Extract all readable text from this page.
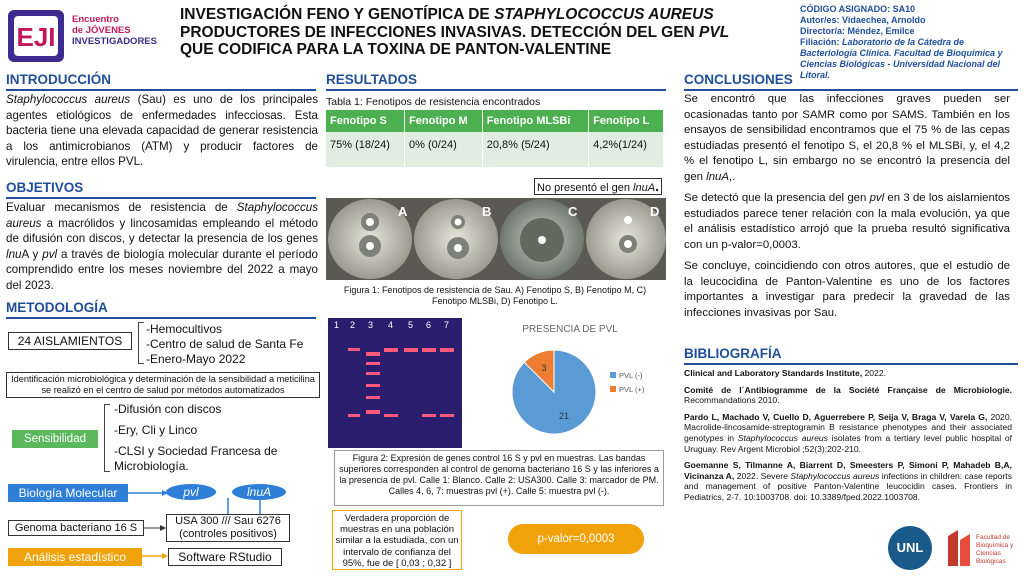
EJI
Encuentro
de JÓVENES
INVESTIGADORES
INVESTIGACIÓN FENO Y GENOTÍPICA DE STAPHYLOCOCCUS AUREUS
PRODUCTORES DE INFECCIONES INVASIVAS. DETECCIÓN DEL GEN PVL
QUE CODIFICA PARA LA TOXINA DE PANTON-VALENTINE
CÓDIGO ASIGNADO: SA10
Autor/es: Vidaechea, Arnoldo
Director/a: Méndez, Emilce
Filiación: Laboratorio de la Cátedra de Bacteriología Clínica. Facultad de Bioquímica y Ciencias Biológicas - Universidad Nacional del Litoral.
INTRODUCCIÓN
Staphylococcus aureus (Sau) es uno de los principales agentes etiológicos de enfermedades infecciosas. Esta bacteria tiene una elevada capacidad de generar resistencia a los antimicrobianos (ATM) y producir factores de virulencia, entre ellos PVL.
OBJETIVOS
Evaluar mecanismos de resistencia de Staphylococcus aureus a macrólidos y lincosamidas empleando el método de difusión con discos, y detectar la presencia de los genes lnuA y pvl a través de biología molecular durante el período comprendido entre los meses noviembre del 2022 a mayo del 2023.
METODOLOGÍA
24 AISLAMIENTOS
-Hemocultivos
-Centro de salud de Santa Fe
-Enero-Mayo 2022
Identificación microbiológica y determinación de la sensibilidad a meticilina se realizó en el centro de salud por métodos automatizados
Sensibilidad
-Difusión con discos
-Ery, Cli y Linco
-CLSI y Sociedad Francesa de Microbiología.
Biología Molecular	pvl	lnuA
Genoma bacteriano 16 S
USA 300 /// Sau 6276 (controles positivos)
Análisis estadístico	Software RStudio
RESULTADOS
Tabla 1: Fenotipos de resistencia encontrados
Fenotipo S	Fenotipo M	Fenotipo MLSBi	Fenotipo L
75% (18/24)	0% (0/24)	20,8% (5/24)	4,2%(1/24)
No presentó el gen lnuA.
A	B	C	D
Figura 1: Fenotipos de resistencia de Sau. A) Fenotipo S, B) Fenotipo M, C) Fenotipo MLSBi, D) Fenotipo L.
1 2 3 4 5 6 7	PRESENCIA DE PVL
21
3
PVL (-)
PVL (+)
Figura 2: Expresión de genes control 16 S y pvl en muestras. Las bandas superiores corresponden al control de genoma bacteriano 16 S y las inferiores a la presencia de pvl. Calle 1: Blanco. Calle 2: USA300. Calle 3: marcador de PM. Calles 4, 6, 7: muestras pvl (+). Calle 5: muestra pvl (-).
Verdadera proporción de muestras en una población similar a la estudiada, con un intervalo de confianza del 95%, fue de [ 0,03 ; 0,32 ]
p-valor=0,0003
CONCLUSIONES

Se encontró que las infecciones graves pueden ser ocasionadas tanto por SAMR como por SAMS. También en los ensayos de sensibilidad encontramos que el 75 % de las cepas estudiadas presentó el fenotipo S, el 20,8 % el MLSBi, y, el 4,2 % el fenotipo L, sin embargo no se encontró la presencia del gen lnuA,.

Se detectó que la presencia del gen pvl en 3 de los aislamientos estudiados parece tener relación con la mala evolución, ya que el análisis estadístico arrojó que la prueba resultó significativa con un p-valor=0,0003.

Se concluye, coincidiendo con otros autores, que el estudio de la leucocidina de Panton-Valentine es uno de los factores importantes a investigar para predecir la gravedad de las infecciones invasivas por Sau.

BIBLIOGRAFÍA

Clinical and Laboratory Standards Institute, 2022.

Comité de l´Antibiogramme de la Société Française de Microbiologie. Recommandations 2010.

Pardo L, Machado V, Cuello D, Aguerrebere P, Seija V, Braga V, Varela G, 2020. Macrolide-lincosamide-streptogramin B resistance phenotypes and their associated genotypes in Staphylococcus aureus isolates from a tertiary level public hospital of Uruguay. Rev Argent Microbiol ;52(3):202-210.

Goemanne S, Tilmanne A, Biarrent D, Smeesters P, Simoni P, Mahadeb B,A, Vicinanza A, 2022. Severe Staphylococcus aureus infections in children: case reports and management of positive Panton-Valentine leucocidin cases. Frontiers in Pediatrics, 2-7. 10:1003708. doi: 10.3389/fped.2022.1003708.

UNL
Facultad de
Bioquímica y
Ciencias Biológicas
